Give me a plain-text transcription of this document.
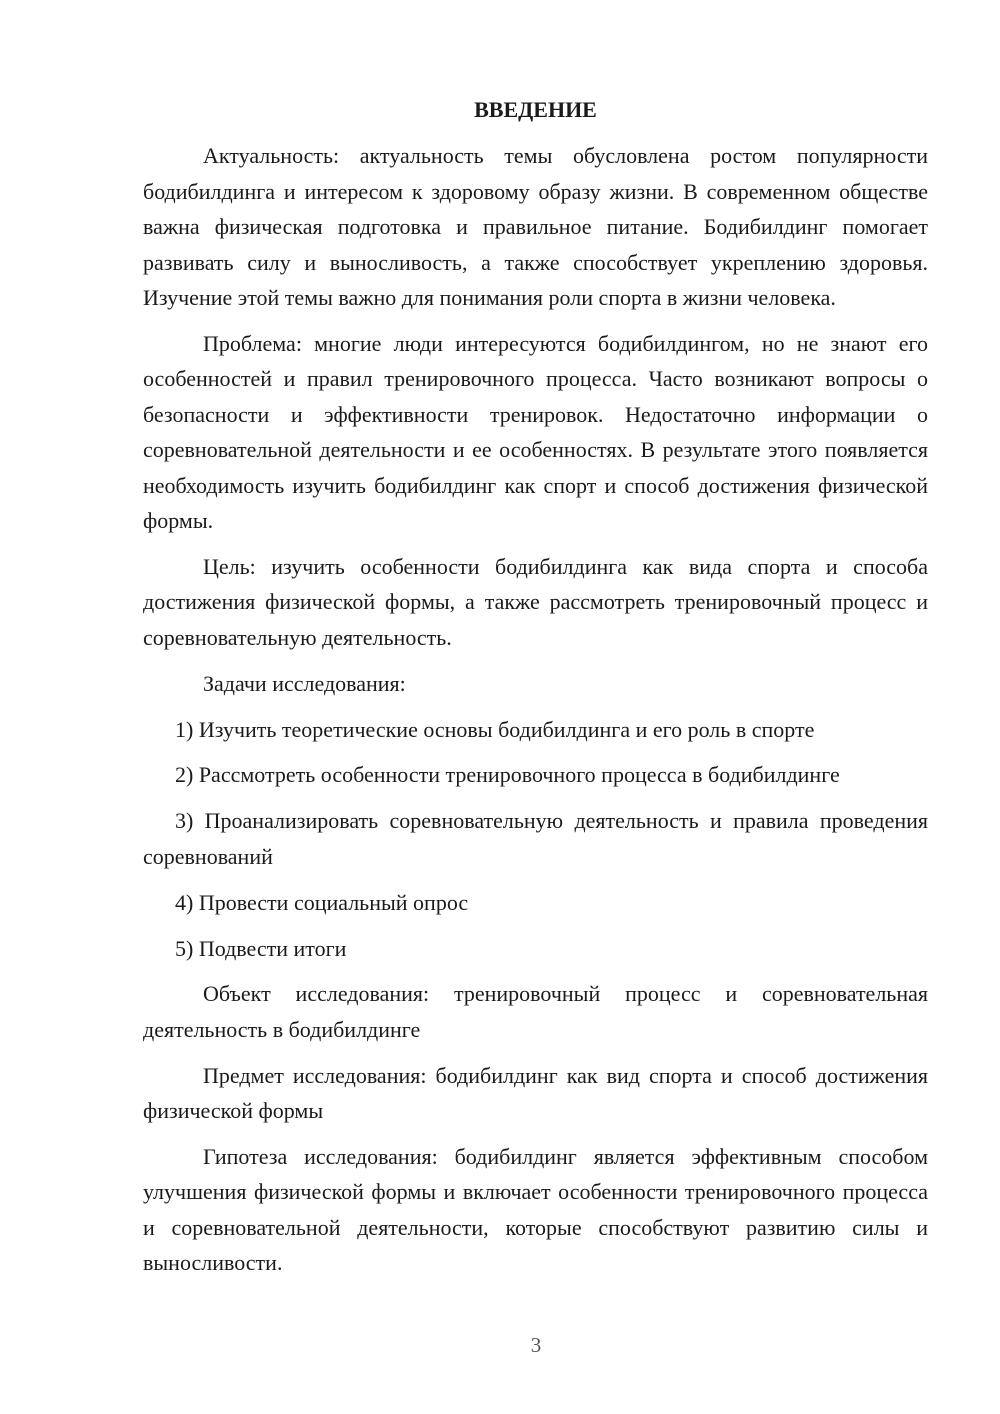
ВВЕДЕНИЕ

Актуальность: актуальность темы обусловлена ростом популярности бодибилдинга и интересом к здоровому образу жизни. В современном обществе важна физическая подготовка и правильное питание. Бодибилдинг помогает развивать силу и выносливость, а также способствует укреплению здоровья. Изучение этой темы важно для понимания роли спорта в жизни человека.

Проблема: многие люди интересуются бодибилдингом, но не знают его особенностей и правил тренировочного процесса. Часто возникают вопросы о безопасности и эффективности тренировок. Недостаточно информации о соревновательной деятельности и ее особенностях. В результате этого появляется необходимость изучить бодибилдинг как спорт и способ достижения физической формы.

Цель: изучить особенности бодибилдинга как вида спорта и способа достижения физической формы, а также рассмотреть тренировочный процесс и соревновательную деятельность.

Задачи исследования:

1) Изучить теоретические основы бодибилдинга и его роль в спорте

2) Рассмотреть особенности тренировочного процесса в бодибилдинге

3) Проанализировать соревновательную деятельность и правила проведения соревнований

4) Провести социальный опрос

5) Подвести итоги

Объект исследования: тренировочный процесс и соревновательная деятельность в бодибилдинге

Предмет исследования: бодибилдинг как вид спорта и способ достижения физической формы

Гипотеза исследования: бодибилдинг является эффективным способом улучшения физической формы и включает особенности тренировочного процесса и соревновательной деятельности, которые способствуют развитию силы и выносливости.

3
